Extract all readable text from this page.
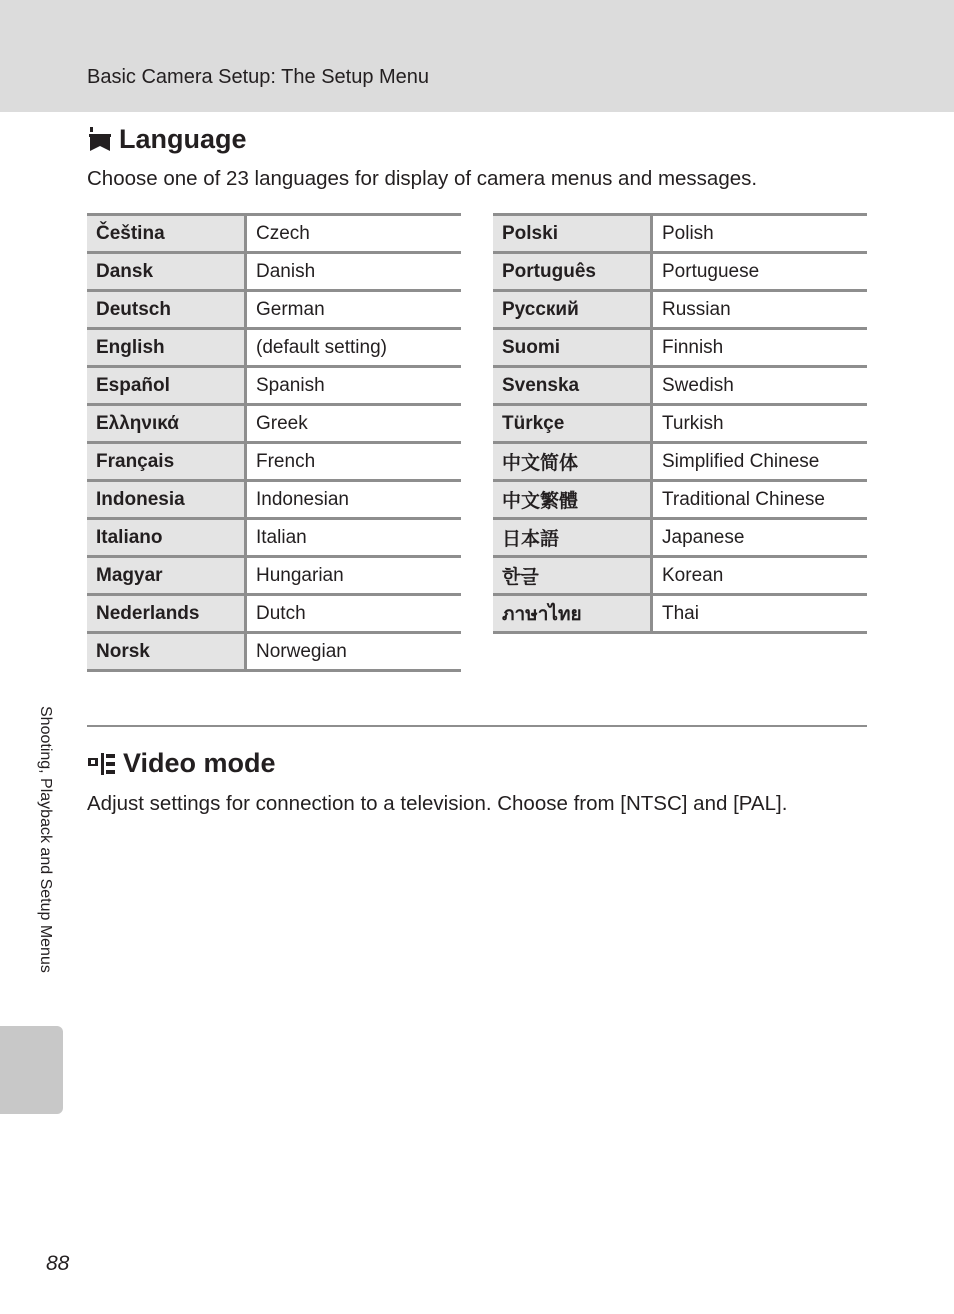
Basic Camera Setup: The Setup Menu
Language
Choose one of 23 languages for display of camera menus and messages.
Čeština	Czech
Dansk	Danish
Deutsch	German
English	(default setting)
Español	Spanish
Ελληνικά	Greek
Français	French
Indonesia	Indonesian
Italiano	Italian
Magyar	Hungarian
Nederlands	Dutch
Norsk	Norwegian
Polski	Polish
Português	Portuguese
Русский	Russian
Suomi	Finnish
Svenska	Swedish
Türkçe	Turkish
中文简体	Simplified Chinese
中文繁體	Traditional Chinese
日本語	Japanese
한글	Korean
ภาษาไทย	Thai
Video mode
Adjust settings for connection to a television. Choose from [NTSC] and [PAL].
Shooting, Playback and Setup Menus
88
